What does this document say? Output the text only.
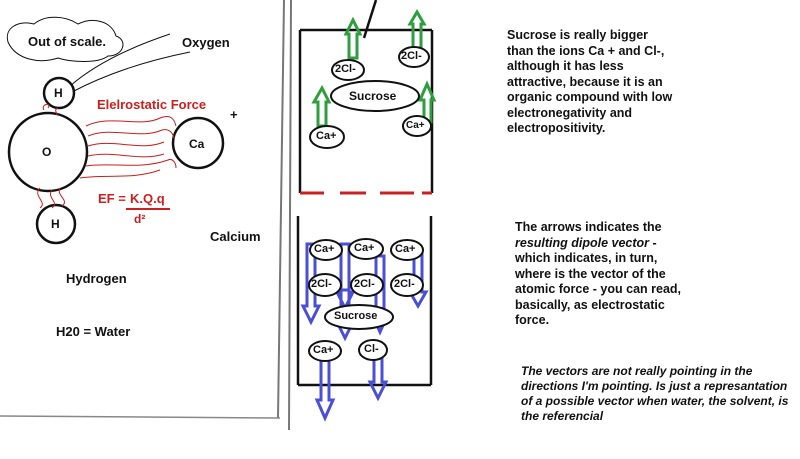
Out of scale.	Oxygen
H
O
H
Ca
+
Elelrostatic Force
EF = K.Q.q
d²
Calcium
Hydrogen
H20 = Water
2Cl-
2Cl-
Sucrose
Ca+
Ca+
Ca+ Ca+ Ca+
2Cl- 2Cl- 2Cl-
Sucrose
Ca+	Cl-
Sucrose is really bigger than the ions Ca + and Cl-, although it has less attractive, because it is an organic compound with low electronegativity and electropositivity.
The arrows indicates the resulting dipole vector - which indicates, in turn, where is the vector of the atomic force - you can read, basically, as electrostatic force.
The vectors are not really pointing in the directions I'm pointing. Is just a represantation of a possible vector when water, the solvent, is the referencial
